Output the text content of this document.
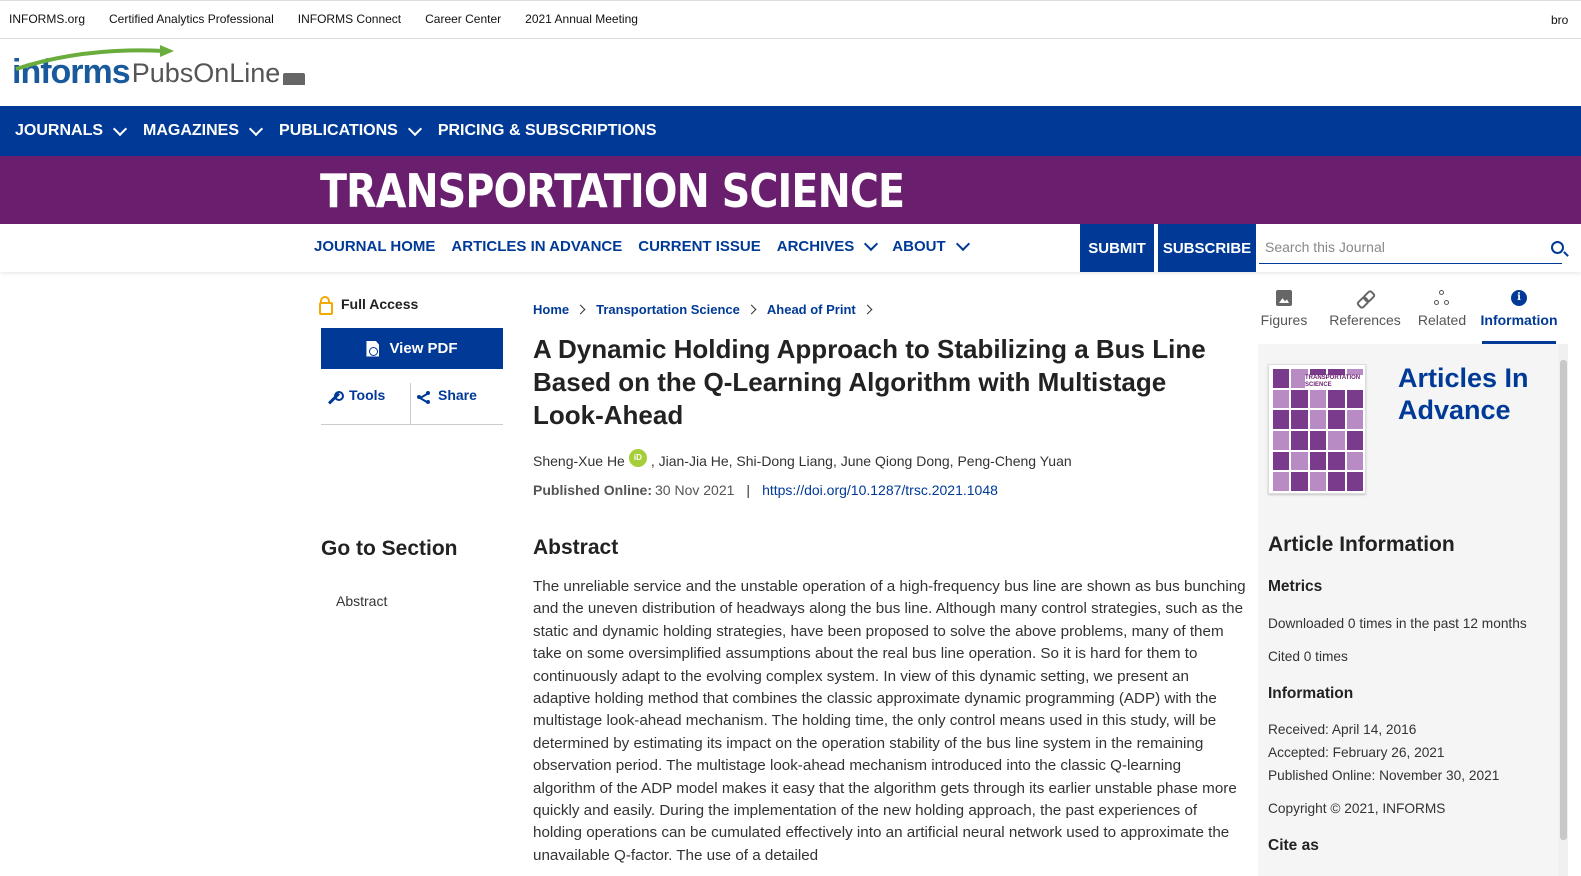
INFORMS.org Certified Analytics Professional INFORMS Connect Career Center 2021 Annual Meeting	bro
informs PubsOnLine
JOURNALS	MAGAZINES	PUBLICATIONS	PRICING & SUBSCRIPTIONS
TRANSPORTATION SCIENCE
JOURNAL HOME ARTICLES IN ADVANCE CURRENT ISSUE ARCHIVES	ABOUT	SUBMIT	SUBSCRIBE
Search this Journal
Full Access
View PDF
Tools	Share
Go to Section
Abstract
Home Transportation Science Ahead of Print
A Dynamic Holding Approach to Stabilizing a Bus Line Based on the Q-Learning Algorithm with Multistage Look-Ahead
Sheng-Xue He	iD , Jian-Jia He, Shi-Dong Liang, June Qiong Dong, Peng-Cheng Yuan
Published Online: 30 Nov 2021 | https://doi.org/10.1287/trsc.2021.1048
Abstract

The unreliable service and the unstable operation of a high-frequency bus line are shown as bus bunching and the uneven distribution of headways along the bus line. Although many control strategies, such as the static and dynamic holding strategies, have been proposed to solve the above problems, many of them take on some oversimplified assumptions about the real bus line operation. So it is hard for them to continuously adapt to the evolving complex system. In view of this dynamic setting, we present an adaptive holding method that combines the classic approximate dynamic programming (ADP) with the multistage look-ahead mechanism. The holding time, the only control means used in this study, will be determined by estimating its impact on the operation stability of the bus line system in the remaining observation period. The multistage look-ahead mechanism introduced into the classic Q-learning algorithm of the ADP model makes it easy that the algorithm gets through its earlier unstable phase more quickly and easily. During the implementation of the new holding approach, the past experiences of holding operations can be cumulated effectively into an artificial neural network used to approximate the unavailable Q-factor. The use of a detailed

Figures References Related
i
Information
TRANSPORTATION SCIENCE	Articles In Advance
Article Information
Metrics
Downloaded 0 times in the past 12 months
Cited 0 times
Information
Received: April 14, 2016
Accepted: February 26, 2021
Published Online: November 30, 2021
Copyright © 2021, INFORMS
Cite as
